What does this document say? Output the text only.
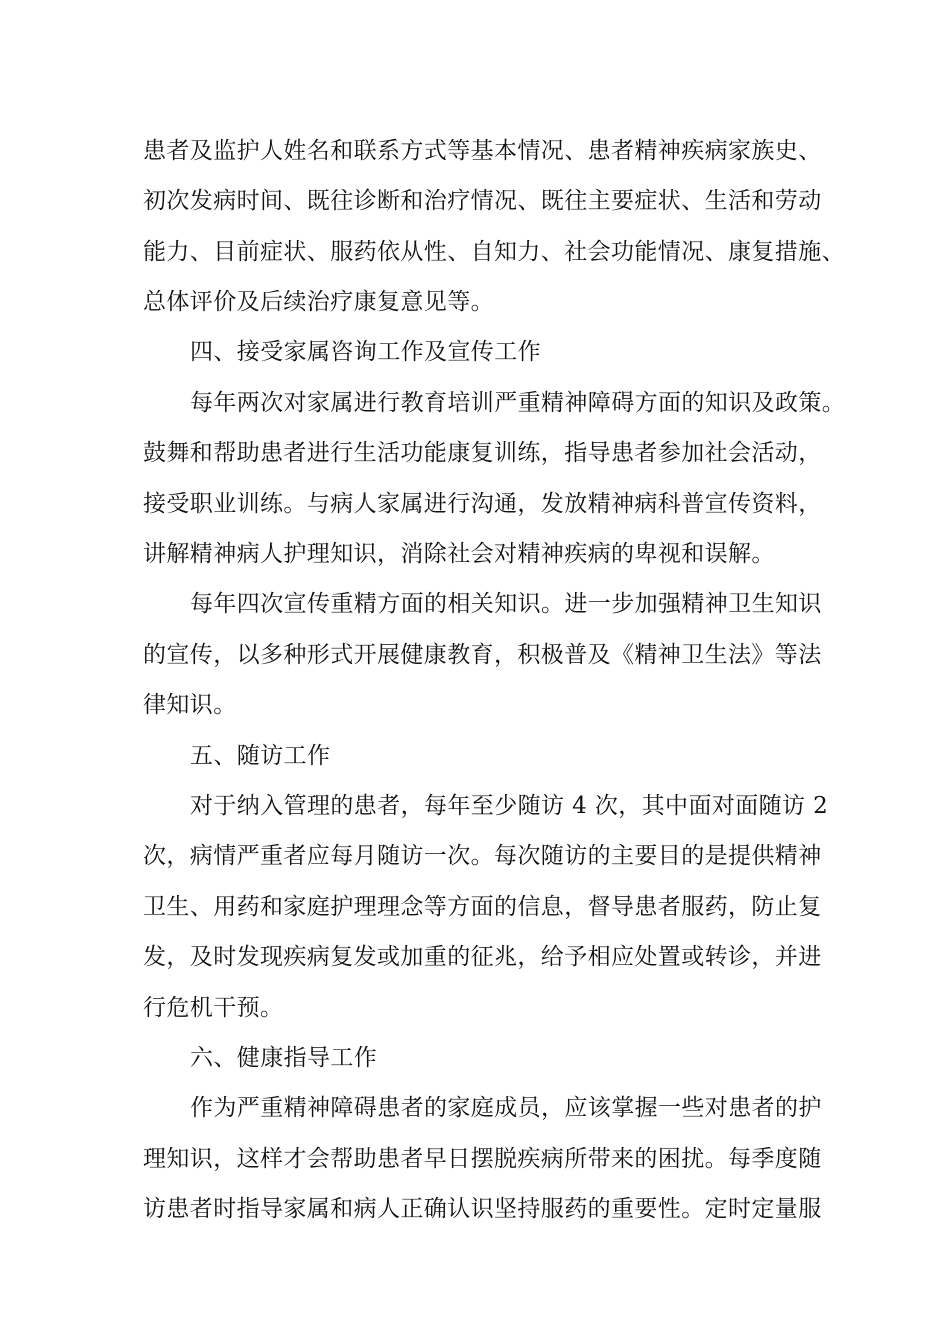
患者及监护人姓名和联系方式等基本情况、患者精神疾病家族史、
初次发病时间、既往诊断和治疗情况、既往主要症状、生活和劳动
能力、目前症状、服药依从性、自知力、社会功能情况、康复措施、
总体评价及后续治疗康复意见等。
四、接受家属咨询工作及宣传工作
每年两次对家属进行教育培训严重精神障碍方面的知识及政策。
鼓舞和帮助患者进行生活功能康复训练，指导患者参加社会活动，
接受职业训练。与病人家属进行沟通，发放精神病科普宣传资料，
讲解精神病人护理知识，消除社会对精神疾病的卑视和误解。
每年四次宣传重精方面的相关知识。进一步加强精神卫生知识
的宣传，以多种形式开展健康教育，积极普及《精神卫生法》等法
律知识。
五、随访工作
对于纳入管理的患者，每年至少随访 4 次，其中面对面随访 2
次，病情严重者应每月随访一次。每次随访的主要目的是提供精神
卫生、用药和家庭护理理念等方面的信息，督导患者服药，防止复
发，及时发现疾病复发或加重的征兆，给予相应处置或转诊，并进
行危机干预。
六、健康指导工作
作为严重精神障碍患者的家庭成员，应该掌握一些对患者的护
理知识，这样才会帮助患者早日摆脱疾病所带来的困扰。每季度随
访患者时指导家属和病人正确认识坚持服药的重要性。定时定量服
